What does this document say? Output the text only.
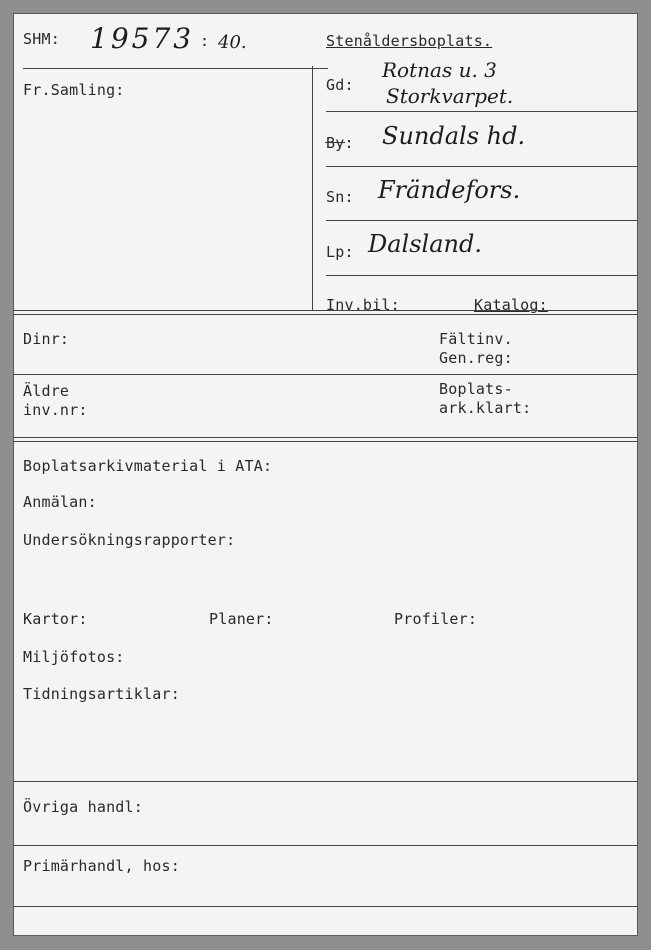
SHM: 19573 : 40.
Fr.Samling:
Stenåldersboplats.
Gd:
Rotnas u. 3
Storkvarpet.
By: Sundals hd.
Sn: Frändefors.
Lp: Dalsland.
Inv.bil:	Katalog:
Dinr:	Fältinv.
Gen.reg:
Äldre
inv.nr:
Boplats-
ark.klart:
Boplatsarkivmaterial i ATA:
Anmälan:
Undersökningsrapporter:
Kartor:	Planer:	Profiler:
Miljöfotos:
Tidningsartiklar:
Övriga handl:
Primärhandl, hos:
